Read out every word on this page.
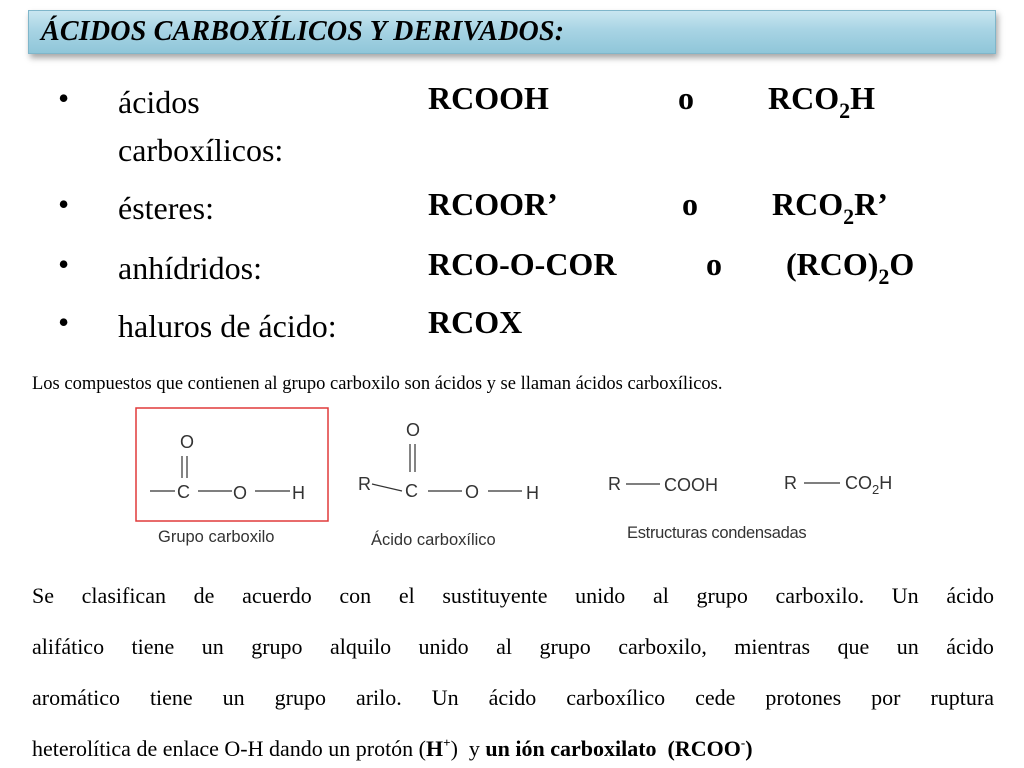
ÁCIDOS CARBOXÍLICOS Y DERIVADOS:
• ácidos
carboxílicos:
RCOOH	o $RCO_2H$
• ésteres:	RCOOR’	o $RCO_2R$’
• anhídridos:	RCO-O-COR	o $(RCO)_2O$
• haluros de ácido:	RCOX
Los compuestos que contienen al grupo carboxilo son ácidos y se llaman ácidos carboxílicos.
O
C O H
Grupo carboxilo
O
R C	O	H
Ácido carboxílico
R COOH	R	$CO_2H$
Estructuras condensadas
Se clasifican de acuerdo con el sustituyente unido al grupo carboxilo. Un ácido
alifático tiene un grupo alquilo unido al grupo carboxilo, mientras que un ácido
aromático tiene un grupo arilo. Un ácido carboxílico cede protones por ruptura
heterolítica de enlace O-H dando un protón (H+)  y un ión carboxilato  (RCOO-)
